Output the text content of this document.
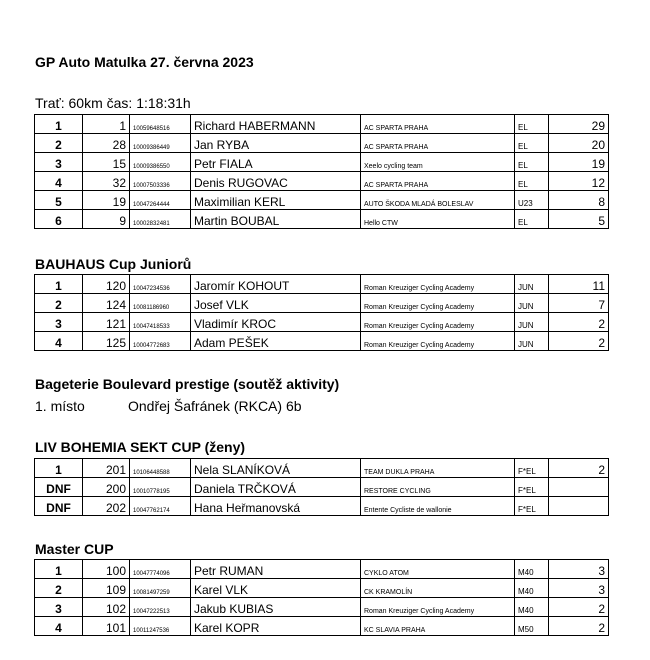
GP Auto Matulka 27. června 2023
Trať: 60km čas: 1:18:31h
1	1	10059648516	Richard HABERMANN	AC SPARTA PRAHA	EL	29
2	28	10009386449	Jan RYBA	AC SPARTA PRAHA	EL	20
3	15	10009386550	Petr FIALA	Xeelo cycling team	EL	19
4	32	10007503336	Denis RUGOVAC	AC SPARTA PRAHA	EL	12
5	19	10047264444	Maximilian KERL	AUTO ŠKODA MLADÁ BOLESLAV	U23	8
6	9	10002832481	Martin BOUBAL	Hello CTW	EL	5
BAUHAUS Cup Juniorů
1	120	10047234536	Jaromír KOHOUT	Roman Kreuziger Cycling Academy	JUN	11
2	124	10081186960	Josef VLK	Roman Kreuziger Cycling Academy	JUN	7
3	121	10047418533	Vladimír KROC	Roman Kreuziger Cycling Academy	JUN	2
4	125	10004772683	Adam PEŠEK	Roman Kreuziger Cycling Academy	JUN	2
Bageterie Boulevard prestige (soutěž aktivity)
1. místo	Ondřej Šafránek (RKCA) 6b
LIV BOHEMIA SEKT CUP (ženy)
1	201	10106448588	Nela SLANÍKOVÁ	TEAM DUKLA PRAHA	F*EL	2
DNF	200	10010778195	Daniela TRČKOVÁ	RESTORE CYCLING	F*EL	
DNF	202	10047762174	Hana Heřmanovská	Entente Cycliste de wallonie	F*EL	
Master CUP
1	100	10047774096	Petr RUMAN	CYKLO ATOM	M40	3
2	109	10081497259	Karel VLK	CK KRAMOLÍN	M40	3
3	102	10047222513	Jakub KUBIAS	Roman Kreuziger Cycling Academy	M40	2
4	101	10011247536	Karel KOPR	KC SLAVIA PRAHA	M50	2
